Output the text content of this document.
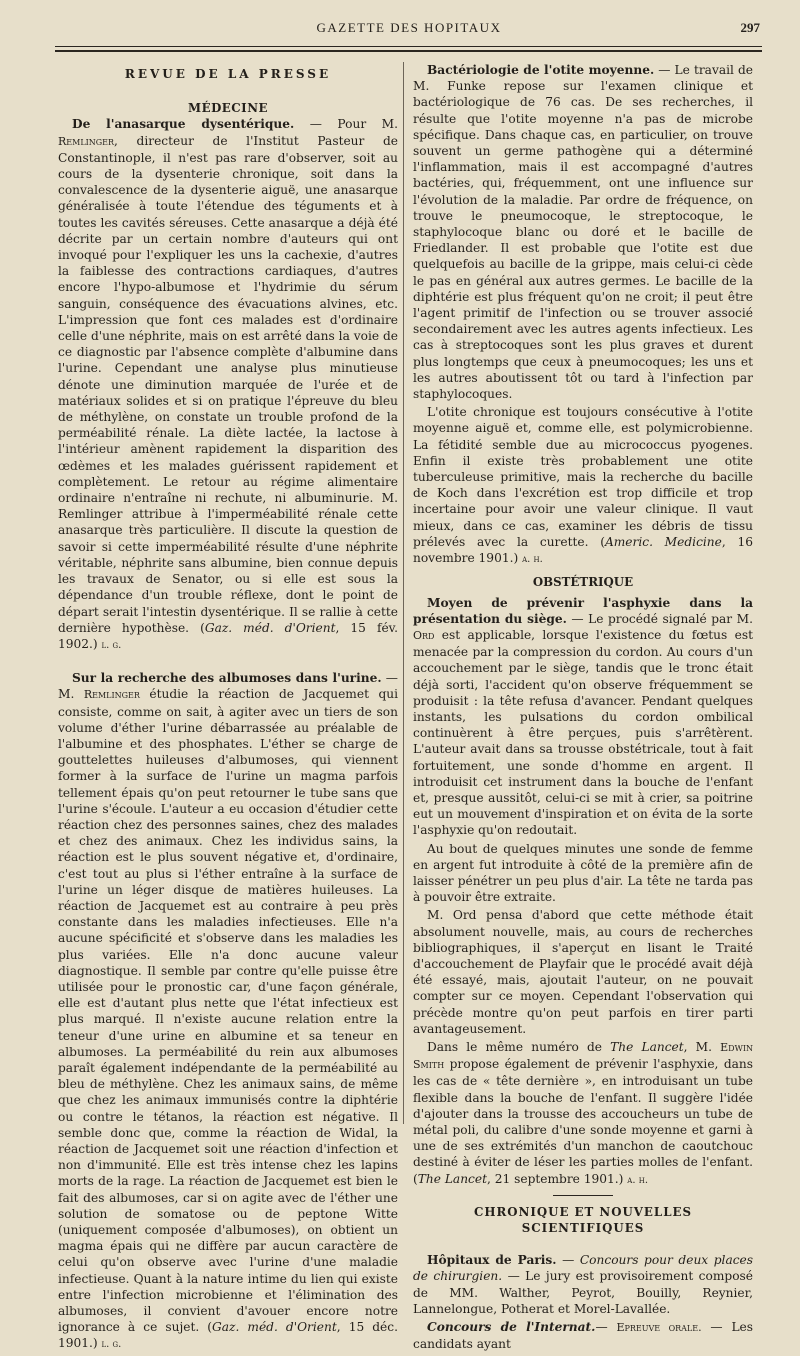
GAZETTE DES HOPITAUX	297
REVUE DE LA PRESSE
MÉDECINE

De l'anasarque dysentérique. — Pour M. Remlinger, directeur de l'Institut Pasteur de Constantinople, il n'est pas rare d'observer, soit au cours de la dysenterie chronique, soit dans la convalescence de la dysenterie aiguë, une anasarque généralisée à toute l'étendue des téguments et à toutes les cavités séreuses. Cette anasarque a déjà été décrite par un certain nombre d'auteurs qui ont invoqué pour l'expliquer les uns la cachexie, d'autres la faiblesse des contractions cardiaques, d'autres encore l'hypo-albumose et l'hydrimie du sérum sanguin, conséquence des évacuations alvines, etc. L'impression que font ces malades est d'ordinaire celle d'une néphrite, mais on est arrêté dans la voie de ce diagnostic par l'absence complète d'albumine dans l'urine. Cependant une analyse plus minutieuse dénote une diminution marquée de l'urée et de matériaux solides et si on pratique l'épreuve du bleu de méthylène, on constate un trouble profond de la perméabilité rénale. La diète lactée, la lactose à l'intérieur amènent rapidement la disparition des œdèmes et les malades guérissent rapidement et complètement. Le retour au régime alimentaire ordinaire n'entraîne ni rechute, ni albuminurie. M. Remlinger attribue à l'imperméabilité rénale cette anasarque très particulière. Il discute la question de savoir si cette imperméabilité résulte d'une néphrite véritable, néphrite sans albumine, bien connue depuis les travaux de Senator, ou si elle est sous la dépendance d'un trouble réflexe, dont le point de départ serait l'intestin dysentérique. Il se rallie à cette dernière hypothèse. (Gaz. méd. d'Orient, 15 fév. 1902.) l. g.

Sur la recherche des albumoses dans l'urine. — M. Remlinger étudie la réaction de Jacquemet qui consiste, comme on sait, à agiter avec un tiers de son volume d'éther l'urine débarrassée au préalable de l'albumine et des phosphates. L'éther se charge de gouttelettes huileuses d'albumoses, qui viennent former à la surface de l'urine un magma parfois tellement épais qu'on peut retourner le tube sans que l'urine s'écoule. L'auteur a eu occasion d'étudier cette réaction chez des personnes saines, chez des malades et chez des animaux. Chez les individus sains, la réaction est le plus souvent négative et, d'ordinaire, c'est tout au plus si l'éther entraîne à la surface de l'urine un léger disque de matières huileuses. La réaction de Jacquemet est au contraire à peu près constante dans les maladies infectieuses. Elle n'a aucune spécificité et s'observe dans les maladies les plus variées. Elle n'a donc aucune valeur diagnostique. Il semble par contre qu'elle puisse être utilisée pour le pronostic car, d'une façon générale, elle est d'autant plus nette que l'état infectieux est plus marqué. Il n'existe aucune relation entre la teneur d'une urine en albumine et sa teneur en albumoses. La perméabilité du rein aux albumoses paraît également indépendante de la perméabilité au bleu de méthylène. Chez les animaux sains, de même que chez les animaux immunisés contre la diphtérie ou contre le tétanos, la réaction est négative. Il semble donc que, comme la réaction de Widal, la réaction de Jacquemet soit une réaction d'infection et non d'immunité. Elle est très intense chez les lapins morts de la rage. La réaction de Jacquemet est bien le fait des albumoses, car si on agite avec de l'éther une solution de somatose ou de peptone Witte (uniquement composée d'albumoses), on obtient un magma épais qui ne diffère par aucun caractère de celui qu'on observe avec l'urine d'une maladie infectieuse. Quant à la nature intime du lien qui existe entre l'infection microbienne et l'élimination des albumoses, il convient d'avouer encore notre ignorance à ce sujet. (Gaz. méd. d'Orient, 15 déc. 1901.) l. g.

Bactériologie de l'otite moyenne. — Le travail de M. Funke repose sur l'examen clinique et bactériologique de 76 cas. De ses recherches, il résulte que l'otite moyenne n'a pas de microbe spécifique. Dans chaque cas, en particulier, on trouve souvent un germe pathogène qui a déterminé l'inflammation, mais il est accompagné d'autres bactéries, qui, fréquemment, ont une influence sur l'évolution de la maladie. Par ordre de fréquence, on trouve le pneumocoque, le streptocoque, le staphylocoque blanc ou doré et le bacille de Friedlander. Il est probable que l'otite est due quelquefois au bacille de la grippe, mais celui-ci cède le pas en général aux autres germes. Le bacille de la diphtérie est plus fréquent qu'on ne croit; il peut être l'agent primitif de l'infection ou se trouver associé secondairement avec les autres agents infectieux. Les cas à streptocoques sont les plus graves et durent plus longtemps que ceux à pneumocoques; les uns et les autres aboutissent tôt ou tard à l'infection par staphylocoques.

L'otite chronique est toujours consécutive à l'otite moyenne aiguë et, comme elle, est polymicrobienne. La fétidité semble due au micrococcus pyogenes. Enfin il existe très probablement une otite tuberculeuse primitive, mais la recherche du bacille de Koch dans l'excrétion est trop difficile et trop incertaine pour avoir une valeur clinique. Il vaut mieux, dans ce cas, examiner les débris de tissu prélevés avec la curette. (Americ. Medicine, 16 novembre 1901.) a. h.

OBSTÉTRIQUE

Moyen de prévenir l'asphyxie dans la présentation du siège. — Le procédé signalé par M. Ord est applicable, lorsque l'existence du fœtus est menacée par la compression du cordon. Au cours d'un accouchement par le siège, tandis que le tronc était déjà sorti, l'accident qu'on observe fréquemment se produisit : la tête refusa d'avancer. Pendant quelques instants, les pulsations du cordon ombilical continuèrent à être perçues, puis s'arrêtèrent. L'auteur avait dans sa trousse obstétricale, tout à fait fortuitement, une sonde d'homme en argent. Il introduisit cet instrument dans la bouche de l'enfant et, presque aussitôt, celui-ci se mit à crier, sa poitrine eut un mouvement d'inspiration et on évita de la sorte l'asphyxie qu'on redoutait.

Au bout de quelques minutes une sonde de femme en argent fut introduite à côté de la première afin de laisser pénétrer un peu plus d'air. La tête ne tarda pas à pouvoir être extraite.

M. Ord pensa d'abord que cette méthode était absolument nouvelle, mais, au cours de recherches bibliographiques, il s'aperçut en lisant le Traité d'accouchement de Playfair que le procédé avait déjà été essayé, mais, ajoutait l'auteur, on ne pouvait compter sur ce moyen. Cependant l'observation qui précède montre qu'on peut parfois en tirer parti avantageusement.

Dans le même numéro de The Lancet, M. Edwin Smith propose également de prévenir l'asphyxie, dans les cas de « tête dernière », en introduisant un tube flexible dans la bouche de l'enfant. Il suggère l'idée d'ajouter dans la trousse des accoucheurs un tube de métal poli, du calibre d'une sonde moyenne et garni à une de ses extrémités d'un manchon de caoutchouc destiné à éviter de léser les parties molles de l'enfant. (The Lancet, 21 septembre 1901.) a. h.

CHRONIQUE ET NOUVELLES SCIENTIFIQUES

Hôpitaux de Paris. — Concours pour deux places de chirurgien. — Le jury est provisoirement composé de MM. Walther, Peyrot, Bouilly, Reynier, Lannelongue, Potherat et Morel-Lavallée.

Concours de l'Internat.— Epreuve orale. — Les candidats ayant
